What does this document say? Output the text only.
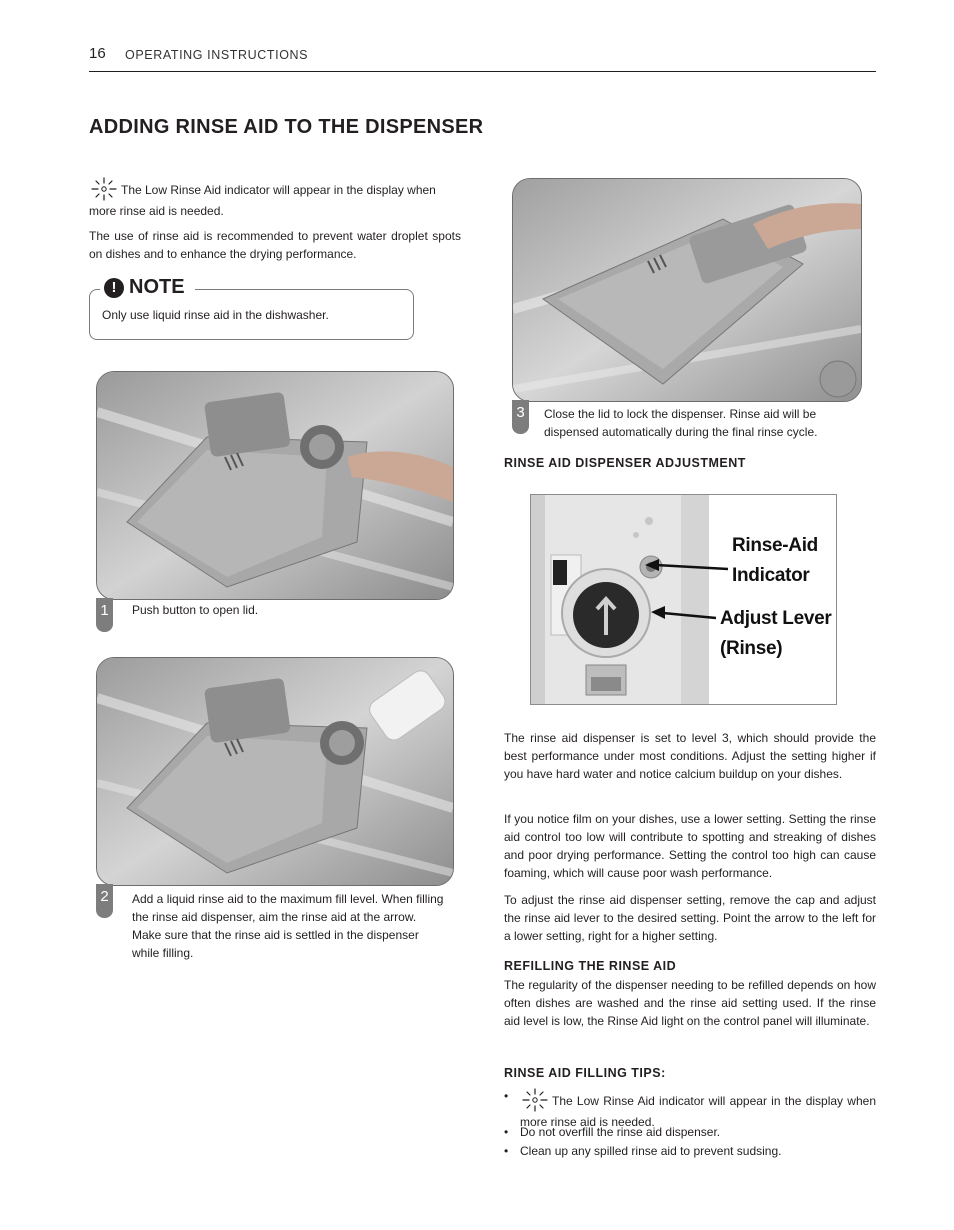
16 OPERATING INSTRUCTIONS
ADDING RINSE AID TO THE DISPENSER
The Low Rinse Aid indicator will appear in the display when more rinse aid is needed.
The use of rinse aid is recommended to prevent water droplet spots on dishes and to enhance the drying performance.
! NOTE
Only use liquid rinse aid in the dishwasher.
1	Push button to open lid.
2	Add a liquid rinse aid to the maximum fill level. When filling the rinse aid dispenser, aim the rinse aid at the arrow. Make sure that the rinse aid is settled in the dispenser while filling.
3	Close the lid to lock the dispenser. Rinse aid will be dispensed automatically during the final rinse cycle.
RINSE AID DISPENSER ADJUSTMENT
Rinse-Aid
Indicator
Adjust Lever
(Rinse)
The rinse aid dispenser is set to level 3, which should provide the best performance under most conditions. Adjust the setting higher if you have hard water and notice calcium buildup on your dishes.
If you notice film on your dishes, use a lower setting. Setting the rinse aid control too low will contribute to spotting and streaking of dishes and poor drying performance. Setting the control too high can cause foaming, which will cause poor wash performance.
To adjust the rinse aid dispenser setting, remove the cap and adjust the rinse aid lever to the desired setting. Point the arrow to the left for a lower setting, right for a higher setting.
REFILLING THE RINSE AID
The regularity of the dispenser needing to be refilled depends on how often dishes are washed and the rinse aid setting used. If the rinse aid level is low, the Rinse Aid light on the control panel will illuminate.
RINSE AID FILLING TIPS:
•	The Low Rinse Aid indicator will appear in the display when more rinse aid is needed.
• Do not overfill the rinse aid dispenser.
• Clean up any spilled rinse aid to prevent sudsing.
